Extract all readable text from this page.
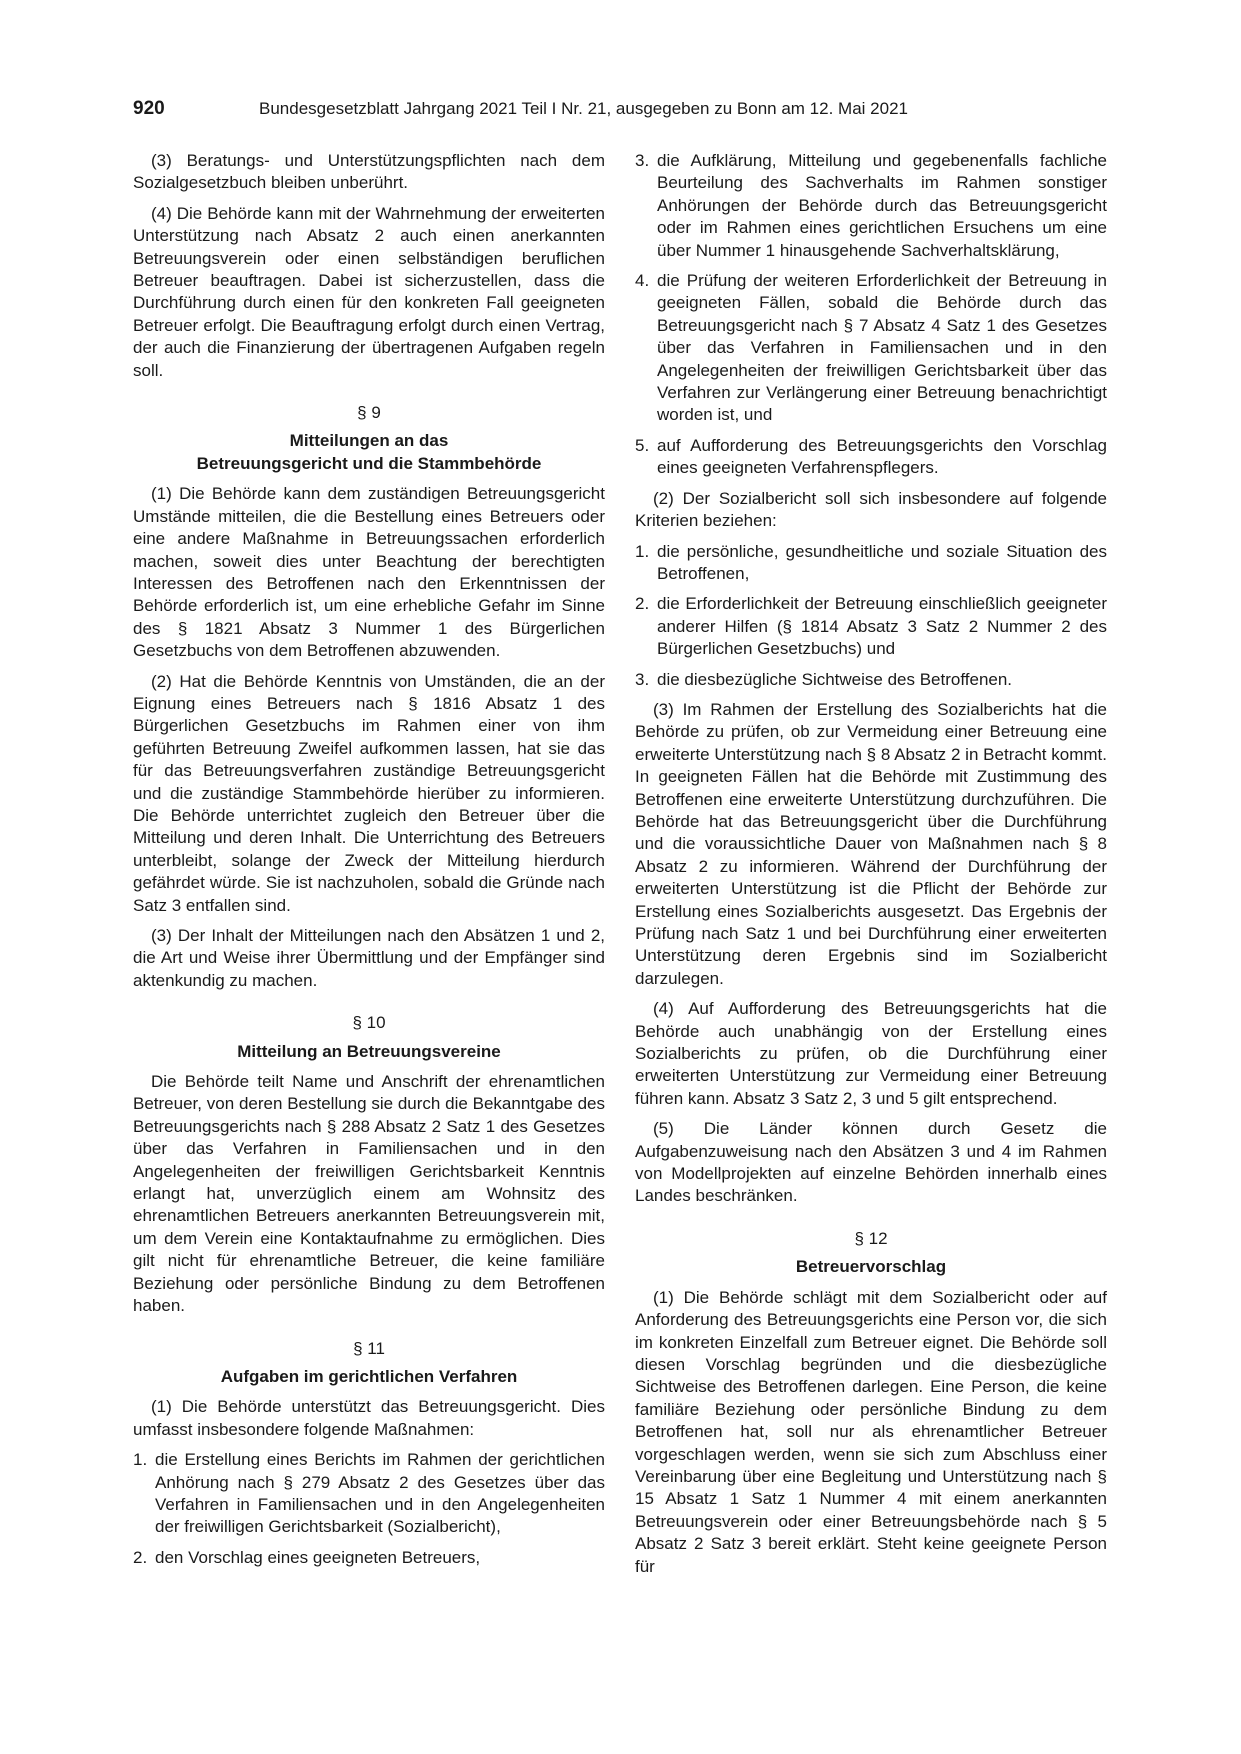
920	Bundesgesetzblatt Jahrgang 2021 Teil I Nr. 21, ausgegeben zu Bonn am 12. Mai 2021

(3) Beratungs- und Unterstützungspflichten nach dem Sozialgesetzbuch bleiben unberührt.

(4) Die Behörde kann mit der Wahrnehmung der erweiterten Unterstützung nach Absatz 2 auch einen anerkannten Betreuungsverein oder einen selbständigen beruflichen Betreuer beauftragen. Dabei ist sicherzustellen, dass die Durchführung durch einen für den konkreten Fall geeigneten Betreuer erfolgt. Die Beauftragung erfolgt durch einen Vertrag, der auch die Finanzierung der übertragenen Aufgaben regeln soll.

§ 9
Mitteilungen an das
Betreuungsgericht und die Stammbehörde

(1) Die Behörde kann dem zuständigen Betreuungsgericht Umstände mitteilen, die die Bestellung eines Betreuers oder eine andere Maßnahme in Betreuungssachen erforderlich machen, soweit dies unter Beachtung der berechtigten Interessen des Betroffenen nach den Erkenntnissen der Behörde erforderlich ist, um eine erhebliche Gefahr im Sinne des § 1821 Absatz 3 Nummer 1 des Bürgerlichen Gesetzbuchs von dem Betroffenen abzuwenden.

(2) Hat die Behörde Kenntnis von Umständen, die an der Eignung eines Betreuers nach § 1816 Absatz 1 des Bürgerlichen Gesetzbuchs im Rahmen einer von ihm geführten Betreuung Zweifel aufkommen lassen, hat sie das für das Betreuungsverfahren zuständige Betreuungsgericht und die zuständige Stammbehörde hierüber zu informieren. Die Behörde unterrichtet zugleich den Betreuer über die Mitteilung und deren Inhalt. Die Unterrichtung des Betreuers unterbleibt, solange der Zweck der Mitteilung hierdurch gefährdet würde. Sie ist nachzuholen, sobald die Gründe nach Satz 3 entfallen sind.

(3) Der Inhalt der Mitteilungen nach den Absätzen 1 und 2, die Art und Weise ihrer Übermittlung und der Empfänger sind aktenkundig zu machen.

§ 10
Mitteilung an Betreuungsvereine

Die Behörde teilt Name und Anschrift der ehrenamtlichen Betreuer, von deren Bestellung sie durch die Bekanntgabe des Betreuungsgerichts nach § 288 Absatz 2 Satz 1 des Gesetzes über das Verfahren in Familiensachen und in den Angelegenheiten der freiwilligen Gerichtsbarkeit Kenntnis erlangt hat, unverzüglich einem am Wohnsitz des ehrenamtlichen Betreuers anerkannten Betreuungsverein mit, um dem Verein eine Kontaktaufnahme zu ermöglichen. Dies gilt nicht für ehrenamtliche Betreuer, die keine familiäre Beziehung oder persönliche Bindung zu dem Betroffenen haben.

§ 11
Aufgaben im gerichtlichen Verfahren

(1) Die Behörde unterstützt das Betreuungsgericht. Dies umfasst insbesondere folgende Maßnahmen:

1. die Erstellung eines Berichts im Rahmen der gerichtlichen Anhörung nach § 279 Absatz 2 des Gesetzes über das Verfahren in Familiensachen und in den Angelegenheiten der freiwilligen Gerichtsbarkeit (Sozialbericht),
2. den Vorschlag eines geeigneten Betreuers,
3. die Aufklärung, Mitteilung und gegebenenfalls fachliche Beurteilung des Sachverhalts im Rahmen sonstiger Anhörungen der Behörde durch das Betreuungsgericht oder im Rahmen eines gerichtlichen Ersuchens um eine über Nummer 1 hinausgehende Sachverhaltsklärung,
4. die Prüfung der weiteren Erforderlichkeit der Betreuung in geeigneten Fällen, sobald die Behörde durch das Betreuungsgericht nach § 7 Absatz 4 Satz 1 des Gesetzes über das Verfahren in Familiensachen und in den Angelegenheiten der freiwilligen Gerichtsbarkeit über das Verfahren zur Verlängerung einer Betreuung benachrichtigt worden ist, und
5. auf Aufforderung des Betreuungsgerichts den Vorschlag eines geeigneten Verfahrenspflegers.

(2) Der Sozialbericht soll sich insbesondere auf folgende Kriterien beziehen:

1. die persönliche, gesundheitliche und soziale Situation des Betroffenen,
2. die Erforderlichkeit der Betreuung einschließlich geeigneter anderer Hilfen (§ 1814 Absatz 3 Satz 2 Nummer 2 des Bürgerlichen Gesetzbuchs) und
3. die diesbezügliche Sichtweise des Betroffenen.

(3) Im Rahmen der Erstellung des Sozialberichts hat die Behörde zu prüfen, ob zur Vermeidung einer Betreuung eine erweiterte Unterstützung nach § 8 Absatz 2 in Betracht kommt. In geeigneten Fällen hat die Behörde mit Zustimmung des Betroffenen eine erweiterte Unterstützung durchzuführen. Die Behörde hat das Betreuungsgericht über die Durchführung und die voraussichtliche Dauer von Maßnahmen nach § 8 Absatz 2 zu informieren. Während der Durchführung der erweiterten Unterstützung ist die Pflicht der Behörde zur Erstellung eines Sozialberichts ausgesetzt. Das Ergebnis der Prüfung nach Satz 1 und bei Durchführung einer erweiterten Unterstützung deren Ergebnis sind im Sozialbericht darzulegen.

(4) Auf Aufforderung des Betreuungsgerichts hat die Behörde auch unabhängig von der Erstellung eines Sozialberichts zu prüfen, ob die Durchführung einer erweiterten Unterstützung zur Vermeidung einer Betreuung führen kann. Absatz 3 Satz 2, 3 und 5 gilt entsprechend.

(5) Die Länder können durch Gesetz die Aufgabenzuweisung nach den Absätzen 3 und 4 im Rahmen von Modellprojekten auf einzelne Behörden innerhalb eines Landes beschränken.

§ 12
Betreuervorschlag

(1) Die Behörde schlägt mit dem Sozialbericht oder auf Anforderung des Betreuungsgerichts eine Person vor, die sich im konkreten Einzelfall zum Betreuer eignet. Die Behörde soll diesen Vorschlag begründen und die diesbezügliche Sichtweise des Betroffenen darlegen. Eine Person, die keine familiäre Beziehung oder persönliche Bindung zu dem Betroffenen hat, soll nur als ehrenamtlicher Betreuer vorgeschlagen werden, wenn sie sich zum Abschluss einer Vereinbarung über eine Begleitung und Unterstützung nach § 15 Absatz 1 Satz 1 Nummer 4 mit einem anerkannten Betreuungsverein oder einer Betreuungsbehörde nach § 5 Absatz 2 Satz 3 bereit erklärt. Steht keine geeignete Person für
